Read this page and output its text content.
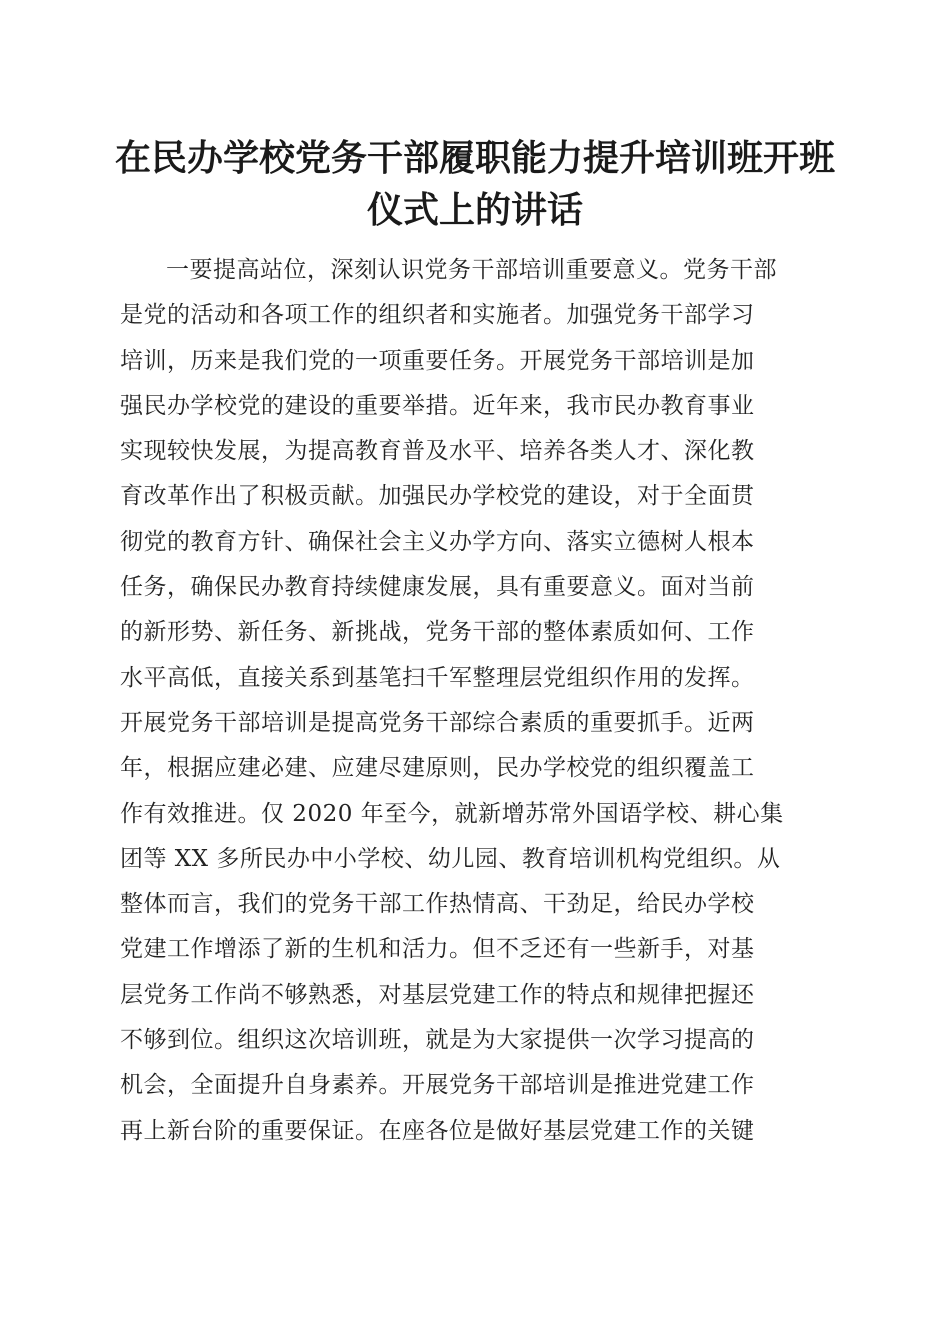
在民办学校党务干部履职能力提升培训班开班
仪式上的讲话
一要提高站位，深刻认识党务干部培训重要意义。党务干部
是党的活动和各项工作的组织者和实施者。加强党务干部学习
培训，历来是我们党的一项重要任务。开展党务干部培训是加
强民办学校党的建设的重要举措。近年来，我市民办教育事业
实现较快发展，为提高教育普及水平、培养各类人才、深化教
育改革作出了积极贡献。加强民办学校党的建设，对于全面贯
彻党的教育方针、确保社会主义办学方向、落实立德树人根本
任务，确保民办教育持续健康发展，具有重要意义。面对当前
的新形势、新任务、新挑战，党务干部的整体素质如何、工作
水平高低，直接关系到基笔扫千军整理层党组织作用的发挥。
开展党务干部培训是提高党务干部综合素质的重要抓手。近两
年，根据应建必建、应建尽建原则，民办学校党的组织覆盖工
作有效推进。仅 2020 年至今，就新增苏常外国语学校、耕心集
团等 XX 多所民办中小学校、幼儿园、教育培训机构党组织。从
整体而言，我们的党务干部工作热情高、干劲足，给民办学校
党建工作增添了新的生机和活力。但不乏还有一些新手，对基
层党务工作尚不够熟悉，对基层党建工作的特点和规律把握还
不够到位。组织这次培训班，就是为大家提供一次学习提高的
机会，全面提升自身素养。开展党务干部培训是推进党建工作
再上新台阶的重要保证。在座各位是做好基层党建工作的关键
